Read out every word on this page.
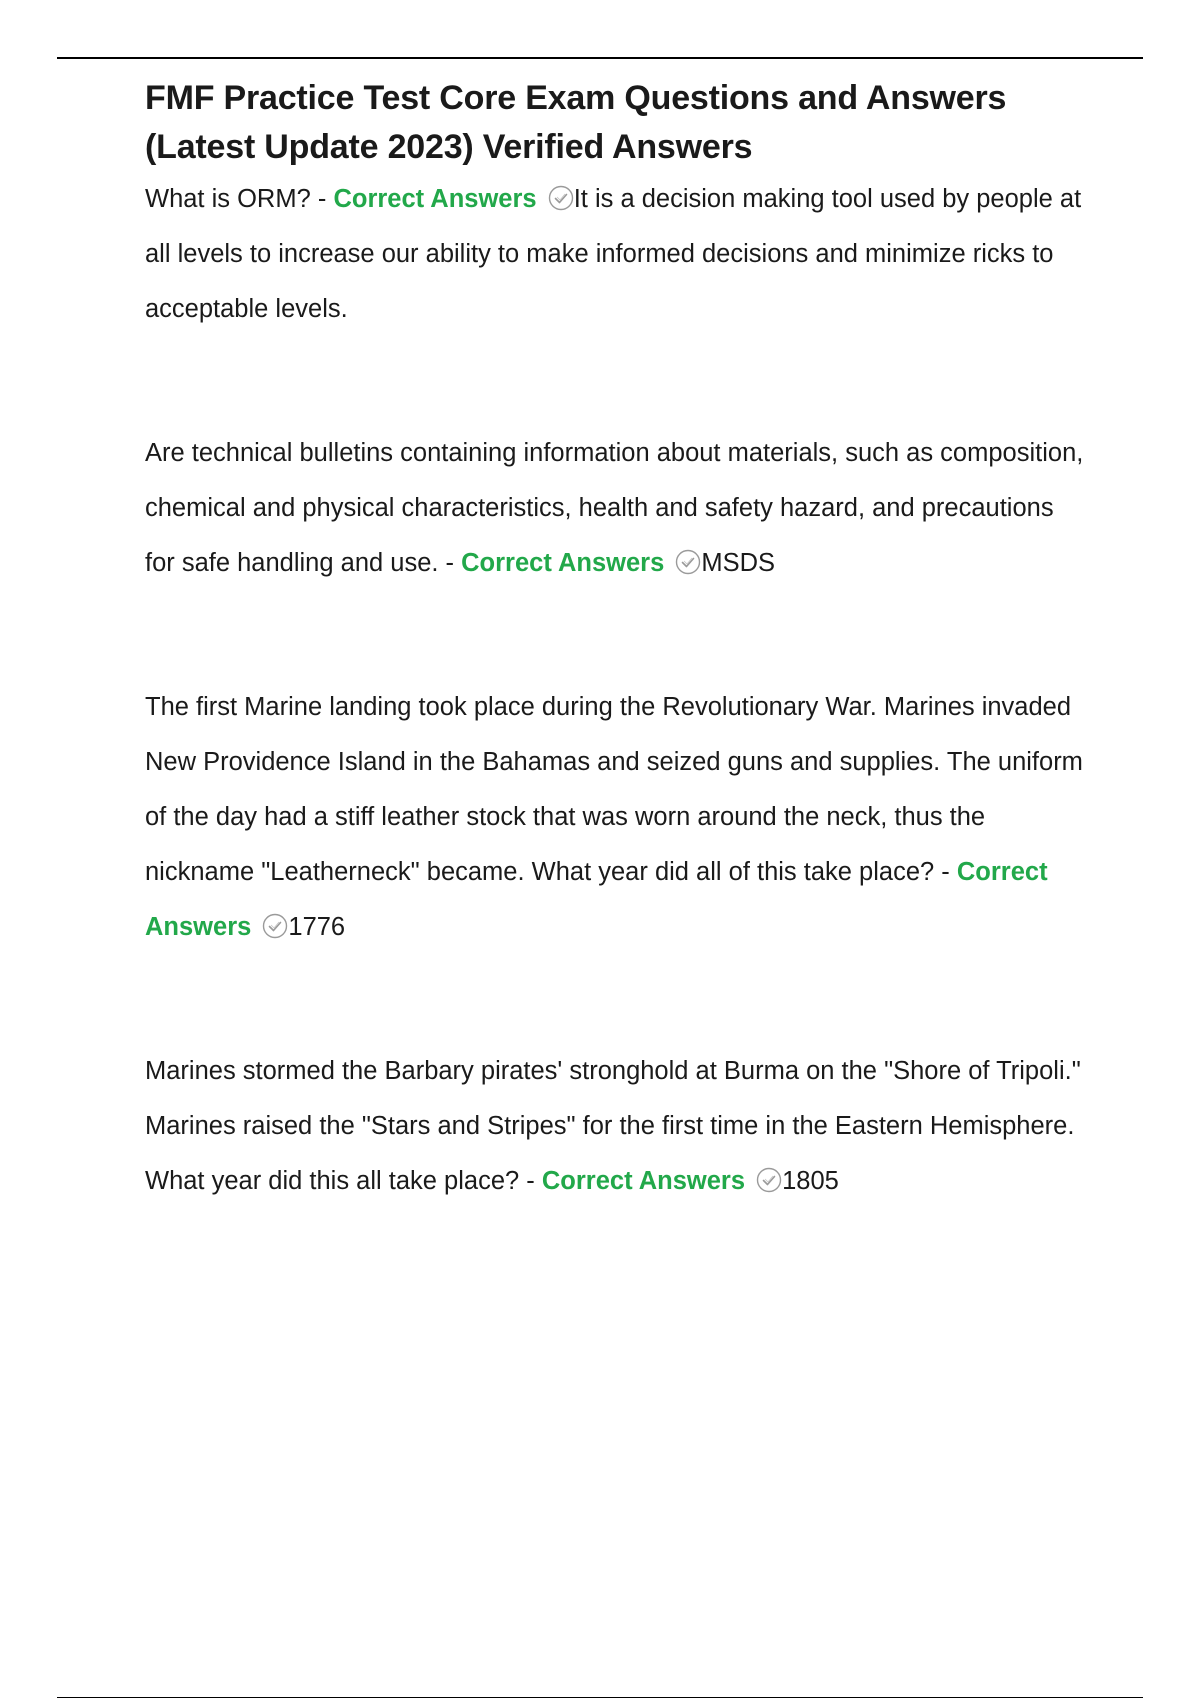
FMF Practice Test Core Exam Questions and Answers (Latest Update 2023) Verified Answers

What is ORM? - Correct Answers It is a decision making tool used by people at all levels to increase our ability to make informed decisions and minimize ricks to acceptable levels.

Are technical bulletins containing information about materials, such as composition, chemical and physical characteristics, health and safety hazard, and precautions for safe handling and use. - Correct Answers MSDS

The first Marine landing took place during the Revolutionary War. Marines invaded New Providence Island in the Bahamas and seized guns and supplies. The uniform of the day had a stiff leather stock that was worn around the neck, thus the nickname "Leatherneck" became. What year did all of this take place? - Correct Answers 1776

Marines stormed the Barbary pirates' stronghold at Burma on the "Shore of Tripoli." Marines raised the "Stars and Stripes" for the first time in the Eastern Hemisphere. What year did this all take place? - Correct Answers 1805
